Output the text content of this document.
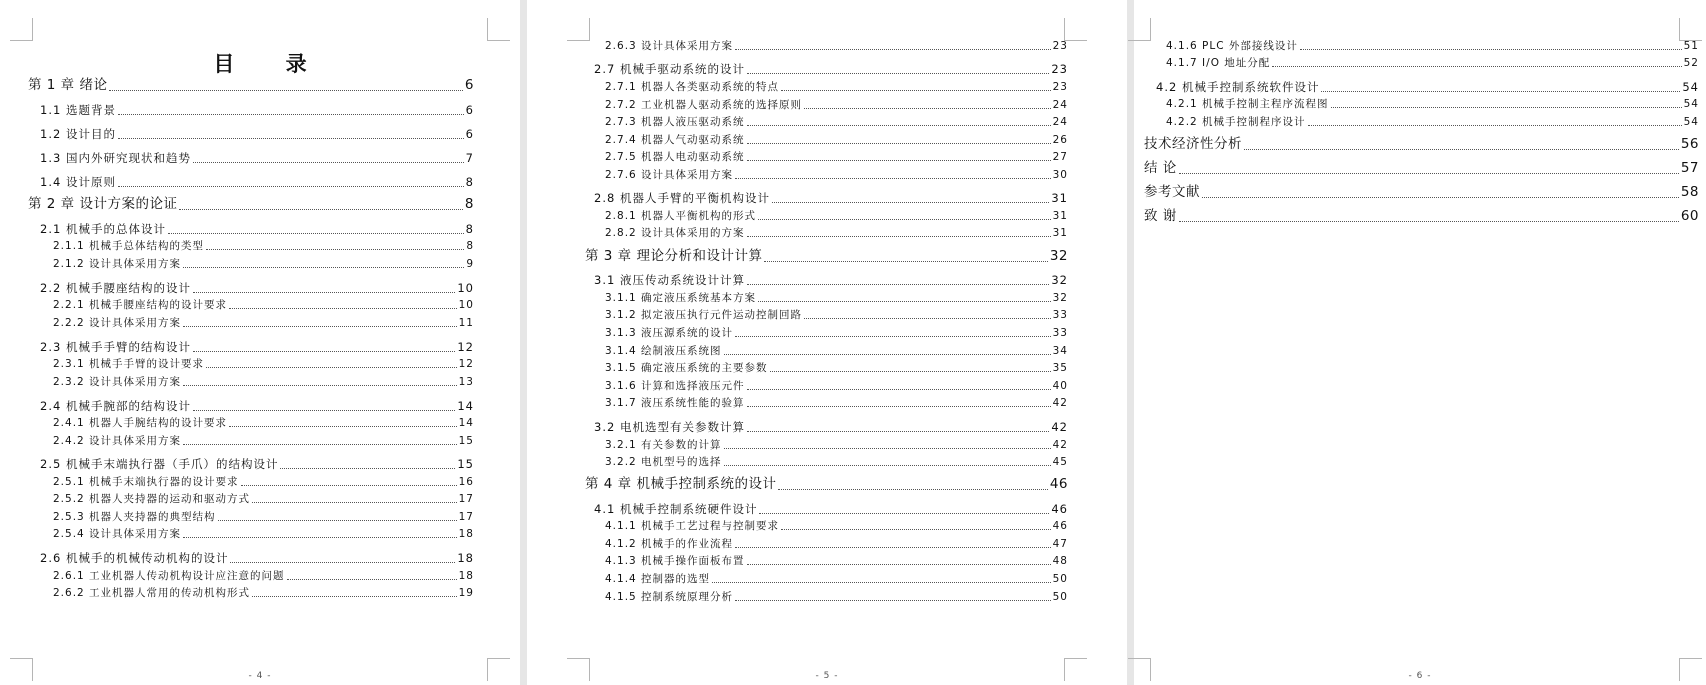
目 录
第 1 章 绪论	6
1.1 选题背景	6
1.2 设计目的	6
1.3 国内外研究现状和趋势	7
1.4 设计原则	8
第 2 章 设计方案的论证	8
2.1 机械手的总体设计	8
2.1.1 机械手总体结构的类型	8
2.1.2 设计具体采用方案	9
2.2 机械手腰座结构的设计	10
2.2.1 机械手腰座结构的设计要求	10
2.2.2 设计具体采用方案	11
2.3 机械手手臂的结构设计	12
2.3.1 机械手手臂的设计要求	12
2.3.2 设计具体采用方案	13
2.4 机械手腕部的结构设计	14
2.4.1 机器人手腕结构的设计要求	14
2.4.2 设计具体采用方案	15
2.5 机械手末端执行器（手爪）的结构设计	15
2.5.1 机械手末端执行器的设计要求	16
2.5.2 机器人夹持器的运动和驱动方式	17
2.5.3 机器人夹持器的典型结构	17
2.5.4 设计具体采用方案	18
2.6 机械手的机械传动机构的设计	18
2.6.1 工业机器人传动机构设计应注意的问题	18
2.6.2 工业机器人常用的传动机构形式	19
- 4 -
2.6.3 设计具体采用方案	23
2.7 机械手驱动系统的设计	23
2.7.1 机器人各类驱动系统的特点	23
2.7.2 工业机器人驱动系统的选择原则	24
2.7.3 机器人液压驱动系统	24
2.7.4 机器人气动驱动系统	26
2.7.5 机器人电动驱动系统	27
2.7.6 设计具体采用方案	30
2.8 机器人手臂的平衡机构设计	31
2.8.1 机器人平衡机构的形式	31
2.8.2 设计具体采用的方案	31
第 3 章 理论分析和设计计算	32
3.1 液压传动系统设计计算	32
3.1.1 确定液压系统基本方案	32
3.1.2 拟定液压执行元件运动控制回路	33
3.1.3 液压源系统的设计	33
3.1.4 绘制液压系统图	34
3.1.5 确定液压系统的主要参数	35
3.1.6 计算和选择液压元件	40
3.1.7 液压系统性能的验算	42
3.2 电机选型有关参数计算	42
3.2.1 有关参数的计算	42
3.2.2 电机型号的选择	45
第 4 章 机械手控制系统的设计	46
4.1 机械手控制系统硬件设计	46
4.1.1 机械手工艺过程与控制要求	46
4.1.2 机械手的作业流程	47
4.1.3 机械手操作面板布置	48
4.1.4 控制器的选型	50
4.1.5 控制系统原理分析	50
- 5 -
4.1.6 PLC 外部接线设计	51
4.1.7 I/O 地址分配	52
4.2 机械手控制系统软件设计	54
4.2.1 机械手控制主程序流程图	54
4.2.2 机械手控制程序设计	54
技术经济性分析	56
结 论	57
参考文献	58
致 谢	60
- 6 -
